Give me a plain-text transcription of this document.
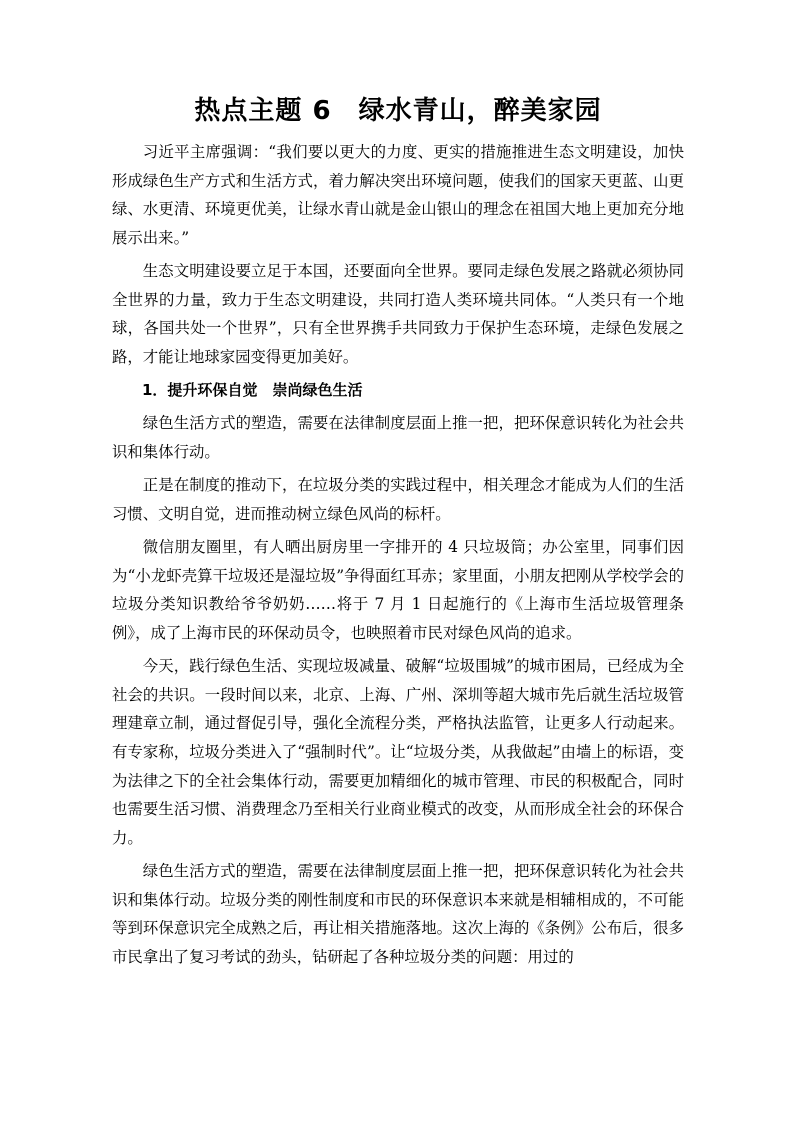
热点主题 6　绿水青山，醉美家园

习近平主席强调：“我们要以更大的力度、更实的措施推进生态文明建设，加快形成绿色生产方式和生活方式，着力解决突出环境问题，使我们的国家天更蓝、山更绿、水更清、环境更优美，让绿水青山就是金山银山的理念在祖国大地上更加充分地展示出来。”

生态文明建设要立足于本国，还要面向全世界。要同走绿色发展之路就必须协同全世界的力量，致力于生态文明建设，共同打造人类环境共同体。“人类只有一个地球，各国共处一个世界”，只有全世界携手共同致力于保护生态环境，走绿色发展之路，才能让地球家园变得更加美好。

1．提升环保自觉　崇尚绿色生活

绿色生活方式的塑造，需要在法律制度层面上推一把，把环保意识转化为社会共识和集体行动。

正是在制度的推动下，在垃圾分类的实践过程中，相关理念才能成为人们的生活习惯、文明自觉，进而推动树立绿色风尚的标杆。

微信朋友圈里，有人晒出厨房里一字排开的 4 只垃圾筒；办公室里，同事们因为“小龙虾壳算干垃圾还是湿垃圾”争得面红耳赤；家里面，小朋友把刚从学校学会的垃圾分类知识教给爷爷奶奶……将于 7 月 1 日起施行的《上海市生活垃圾管理条例》，成了上海市民的环保动员令，也映照着市民对绿色风尚的追求。

今天，践行绿色生活、实现垃圾减量、破解“垃圾围城”的城市困局，已经成为全社会的共识。一段时间以来，北京、上海、广州、深圳等超大城市先后就生活垃圾管理建章立制，通过督促引导，强化全流程分类，严格执法监管，让更多人行动起来。有专家称，垃圾分类进入了“强制时代”。让“垃圾分类，从我做起”由墙上的标语，变为法律之下的全社会集体行动，需要更加精细化的城市管理、市民的积极配合，同时也需要生活习惯、消费理念乃至相关行业商业模式的改变，从而形成全社会的环保合力。

绿色生活方式的塑造，需要在法律制度层面上推一把，把环保意识转化为社会共识和集体行动。垃圾分类的刚性制度和市民的环保意识本来就是相辅相成的，不可能等到环保意识完全成熟之后，再让相关措施落地。这次上海的《条例》公布后，很多市民拿出了复习考试的劲头，钻研起了各种垃圾分类的问题：用过的
